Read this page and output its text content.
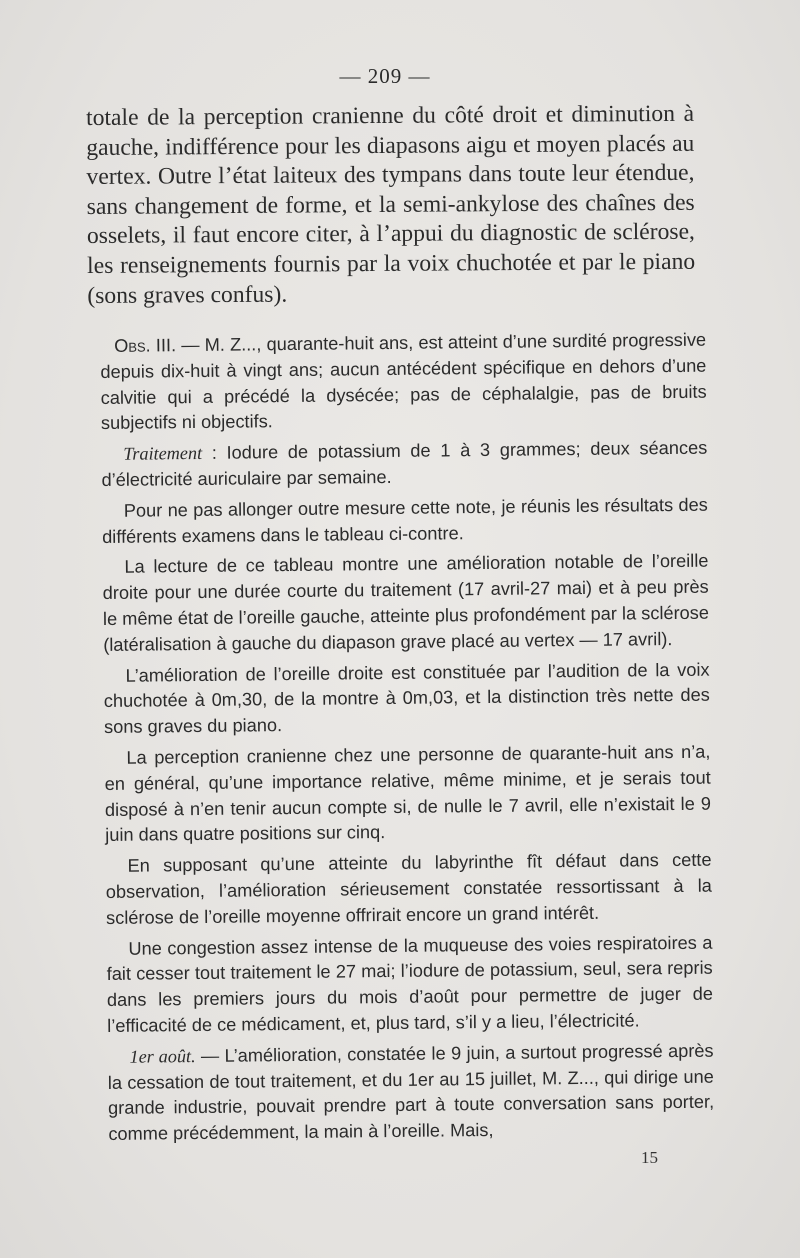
— 209 —

totale de la perception cranienne du côté droit et diminution à gauche, indifférence pour les diapasons aigu et moyen placés au vertex. Outre l’état laiteux des tympans dans toute leur étendue, sans changement de forme, et la semi-ankylose des chaînes des osselets, il faut encore citer, à l’appui du diagnostic de sclérose, les renseignements fournis par la voix chuchotée et par le piano (sons graves confus).

Obs. III. — M. Z..., quarante-huit ans, est atteint d’une surdité progressive depuis dix-huit à vingt ans; aucun antécédent spécifique en dehors d’une calvitie qui a précédé la dysécée; pas de céphalalgie, pas de bruits subjectifs ni objectifs.

Traitement : Iodure de potassium de 1 à 3 grammes; deux séances d’électricité auriculaire par semaine.

Pour ne pas allonger outre mesure cette note, je réunis les résultats des différents examens dans le tableau ci-contre.

La lecture de ce tableau montre une amélioration notable de l’oreille droite pour une durée courte du traitement (17 avril-27 mai) et à peu près le même état de l’oreille gauche, atteinte plus profondément par la sclérose (latéralisation à gauche du diapason grave placé au vertex — 17 avril).

L’amélioration de l’oreille droite est constituée par l’audition de la voix chuchotée à 0m,30, de la montre à 0m,03, et la distinction très nette des sons graves du piano.

La perception cranienne chez une personne de quarante-huit ans n’a, en général, qu’une importance relative, même minime, et je serais tout disposé à n’en tenir aucun compte si, de nulle le 7 avril, elle n’existait le 9 juin dans quatre positions sur cinq.

En supposant qu’une atteinte du labyrinthe fît défaut dans cette observation, l’amélioration sérieusement constatée ressortissant à la sclérose de l’oreille moyenne offrirait encore un grand intérêt.

Une congestion assez intense de la muqueuse des voies respiratoires a fait cesser tout traitement le 27 mai; l’iodure de potassium, seul, sera repris dans les premiers jours du mois d’août pour permettre de juger de l’efficacité de ce médicament, et, plus tard, s’il y a lieu, l’électricité.

1er août. — L’amélioration, constatée le 9 juin, a surtout progressé après la cessation de tout traitement, et du 1er au 15 juillet, M. Z..., qui dirige une grande industrie, pouvait prendre part à toute conversation sans porter, comme précédemment, la main à l’oreille. Mais,

15
